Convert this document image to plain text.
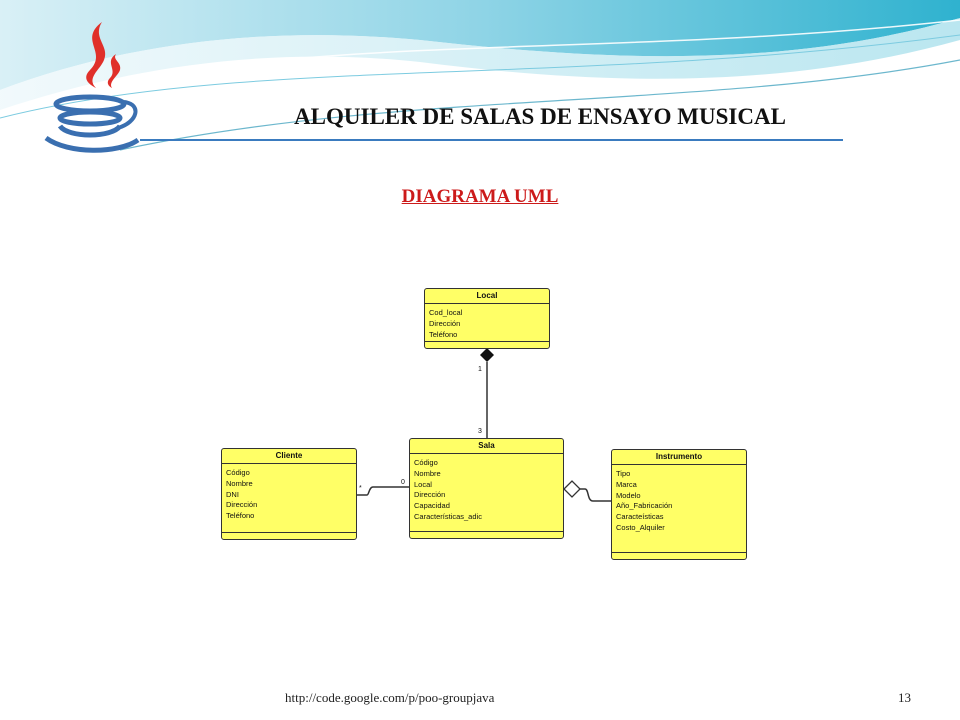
ALQUILER DE SALAS DE ENSAYO MUSICAL
DIAGRAMA UML
Local
Cod_local
Dirección
Teléfono
Sala
Código
Nombre
Local
Dirección
Capacidad
Características_adic
Cliente
Código
Nombre
DNI
Dirección
Teléfono
Instrumento
Tipo
Marca
Modelo
Año_Fabricación
Caracteísticas
Costo_Alquiler
1
3
*
0
http://code.google.com/p/poo-groupjava	13
